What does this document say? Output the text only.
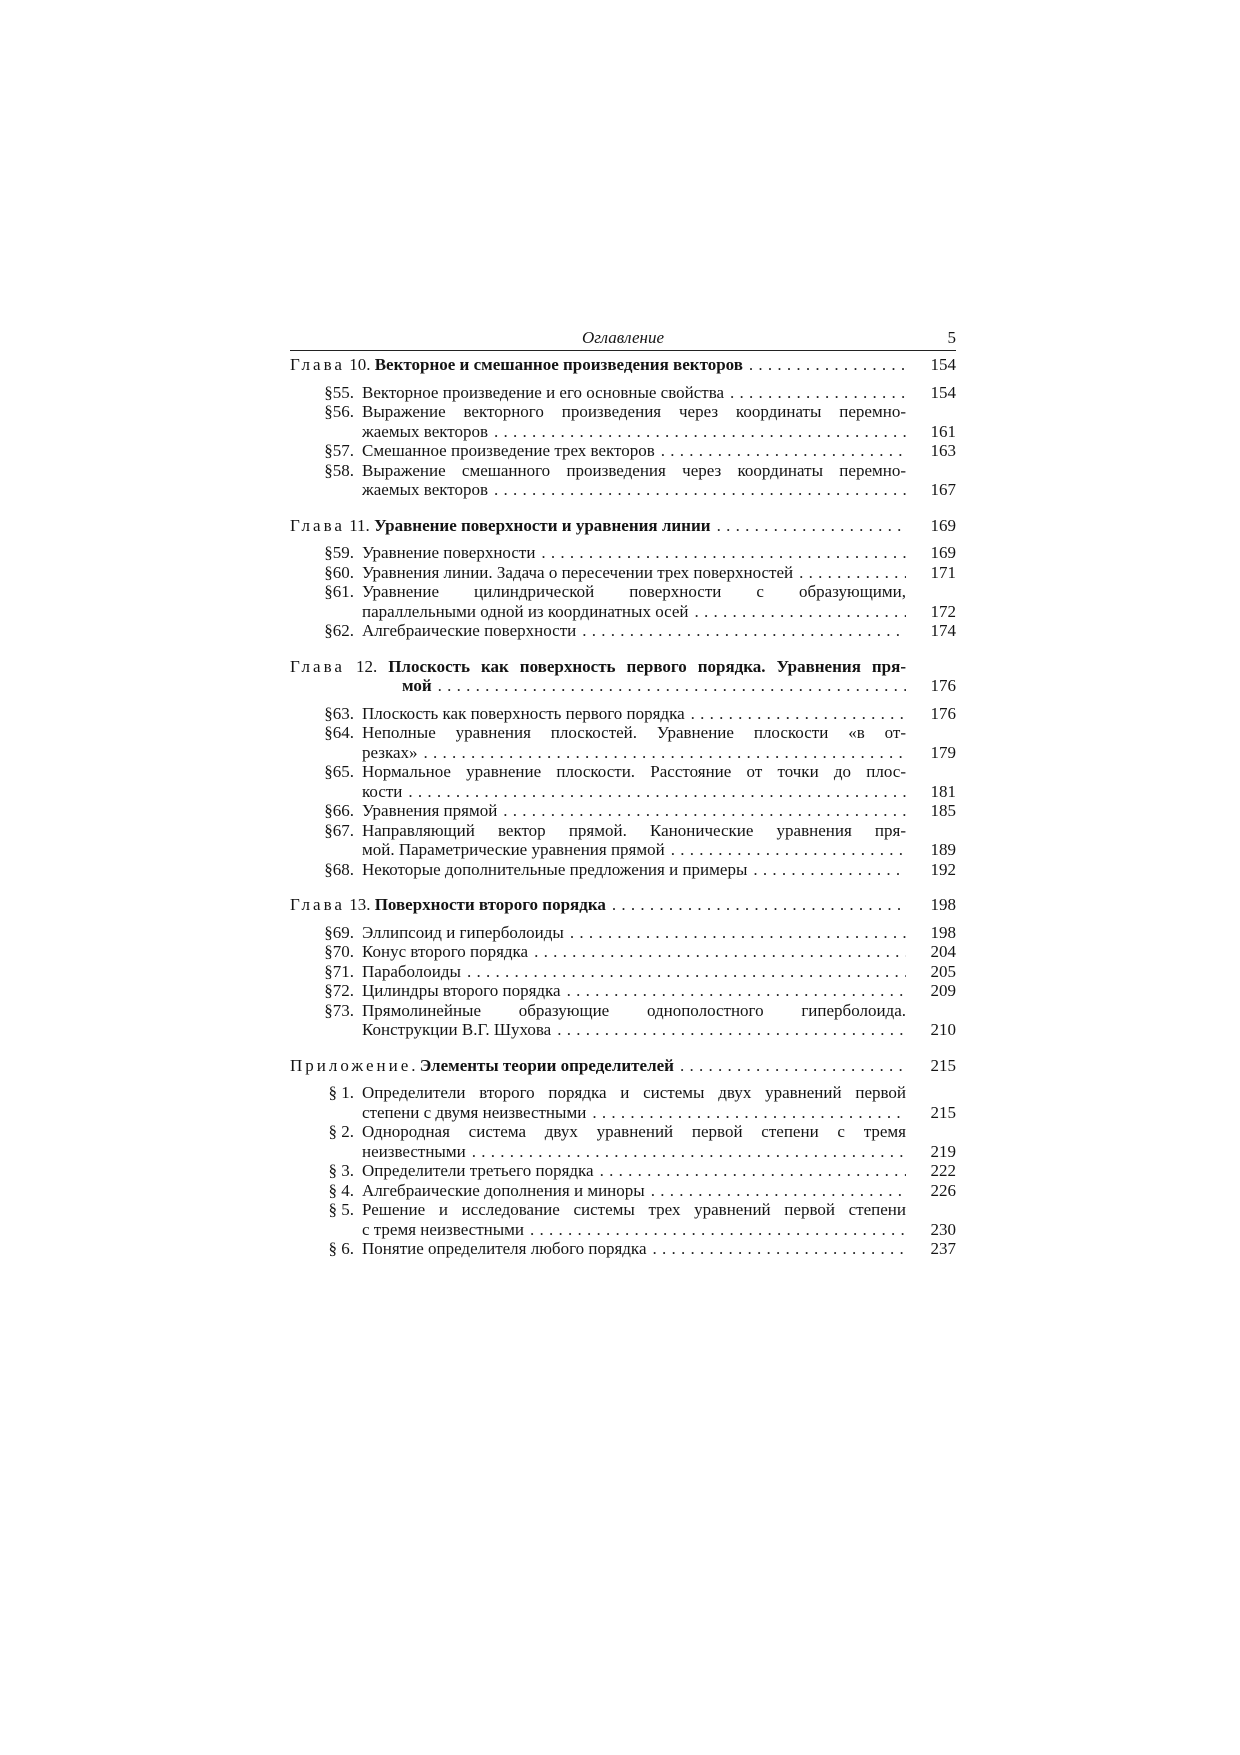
Оглавление	5
Глава 10. Векторное и смешанное произведения векторов . . .	154
§55. Векторное произведение и его основные свойства . . .	154
§56. Выражение векторного произведения через координаты перемно-
жаемых векторов . . .	161
§57. Смешанное произведение трех векторов . . .	163
§58. Выражение смешанного произведения через координаты перемно-
жаемых векторов . . .	167
Глава 11. Уравнение поверхности и уравнения линии . . .	169
§59. Уравнение поверхности . . .	169
§60. Уравнения линии. Задача о пересечении трех поверхностей . . .	171
§61. Уравнение цилиндрической поверхности с образующими,
параллельными одной из координатных осей . . .	172
§62. Алгебраические поверхности . . .	174
Глава 12. Плоскость как поверхность первого порядка. Уравнения пря-
мой . . .	176
§63. Плоскость как поверхность первого порядка . . .	176
§64. Неполные уравнения плоскостей. Уравнение плоскости «в от-
резках» . . .	179
§65. Нормальное уравнение плоскости. Расстояние от точки до плос-
кости . . .	181
§66. Уравнения прямой . . .	185
§67. Направляющий вектор прямой. Канонические уравнения пря-
мой. Параметрические уравнения прямой . . .	189
§68. Некоторые дополнительные предложения и примеры . . .	192
Глава 13. Поверхности второго порядка . . .	198
§69. Эллипсоид и гиперболоиды . . .	198
§70. Конус второго порядка . . .	204
§71. Параболоиды . . .	205
§72. Цилиндры второго порядка . . .	209
§73. Прямолинейные образующие однополостного гиперболоида.
Конструкции В.Г. Шухова . . .	210
Приложение. Элементы теории определителей . . .	215
§ 1. Определители второго порядка и системы двух уравнений первой
степени с двумя неизвестными . . .	215
§ 2. Однородная система двух уравнений первой степени с тремя
неизвестными . . .	219
§ 3. Определители третьего порядка . . .	222
§ 4. Алгебраические дополнения и миноры . . .	226
§ 5. Решение и исследование системы трех уравнений первой степени
с тремя неизвестными . . .	230
§ 6. Понятие определителя любого порядка . . .	237
